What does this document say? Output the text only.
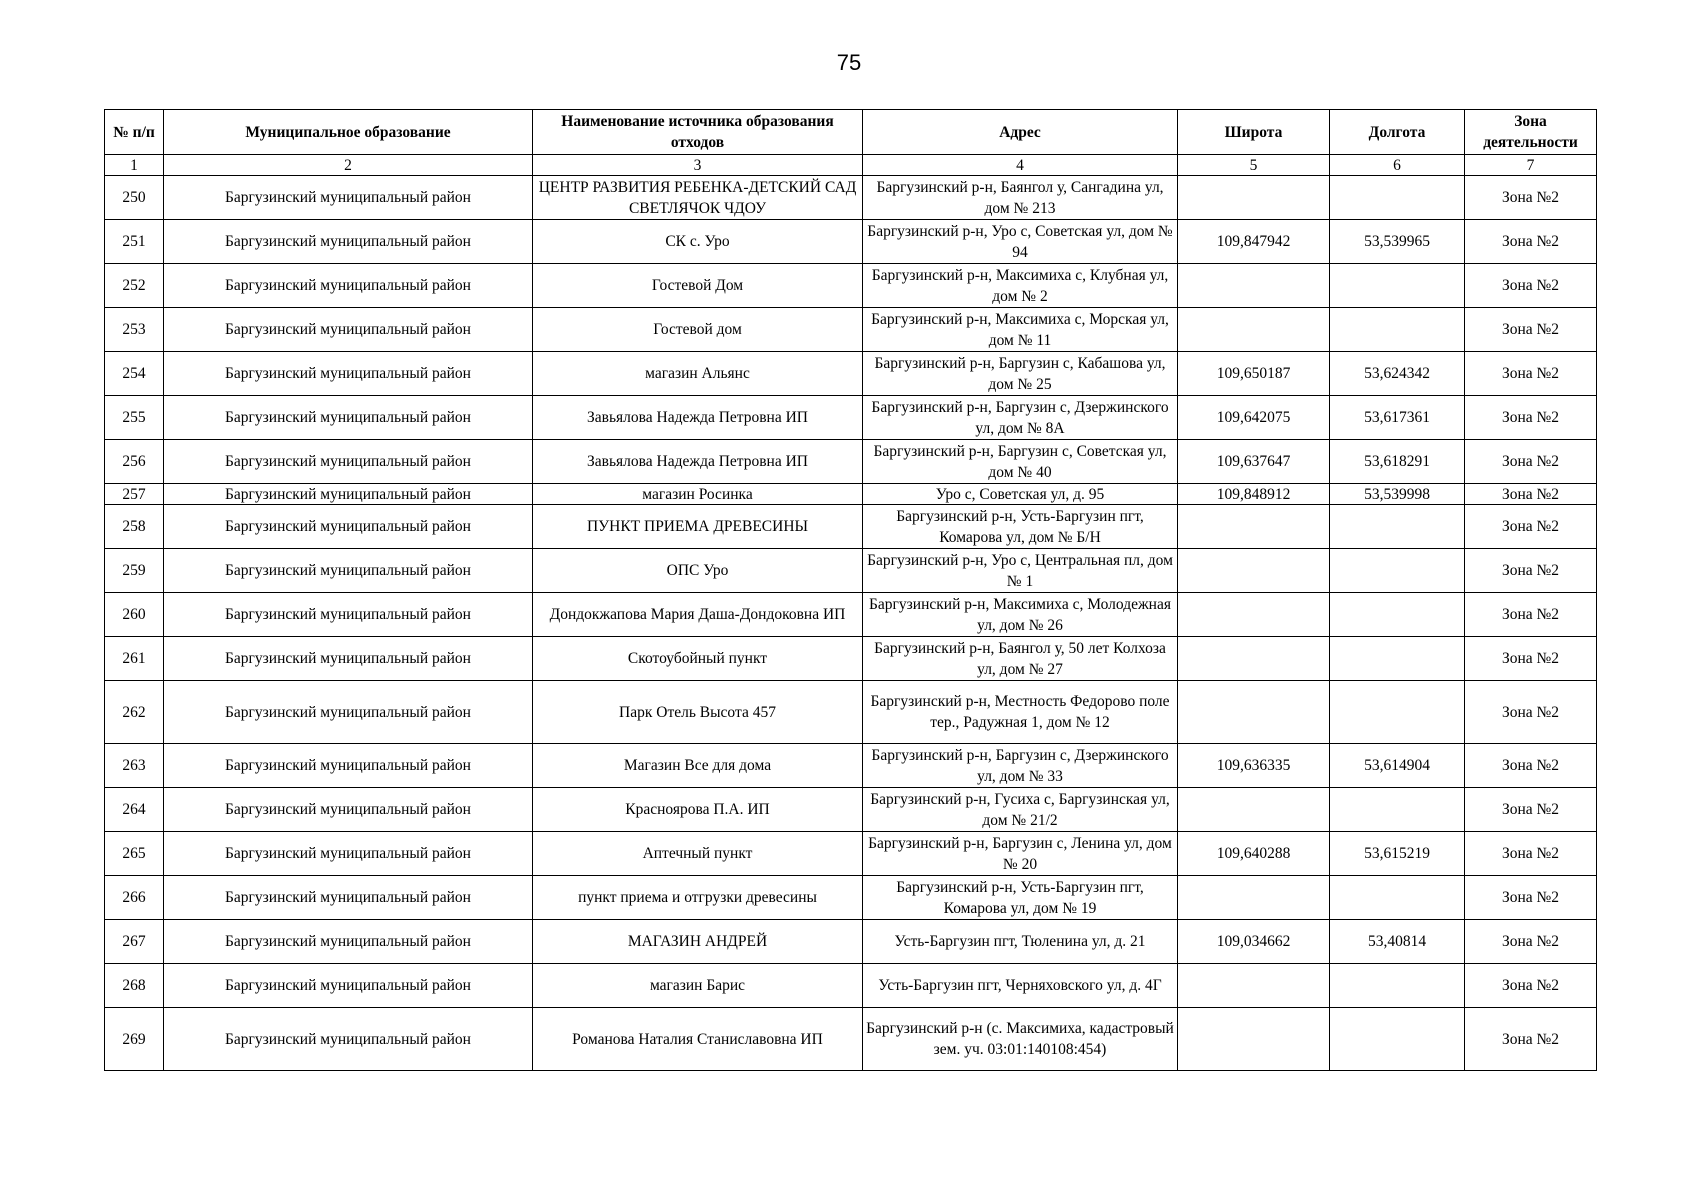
75
№ п/п	Муниципальное образование	Наименование источника образования отходов	Адрес	Широта	Долгота	Зона деятельности
1	2	3	4	5	6	7
250	Баргузинский муниципальный район	ЦЕНТР РАЗВИТИЯ РЕБЕНКА-ДЕТСКИЙ САД СВЕТЛЯЧОК ЧДОУ	Баргузинский р-н, Баянгол у, Сангадина ул, дом № 213			Зона №2
251	Баргузинский муниципальный район	СК с. Уро	Баргузинский р-н, Уро с, Советская ул, дом № 94	109,847942	53,539965	Зона №2
252	Баргузинский муниципальный район	Гостевой Дом	Баргузинский р-н, Максимиха с, Клубная ул, дом № 2			Зона №2
253	Баргузинский муниципальный район	Гостевой дом	Баргузинский р-н, Максимиха с, Морская ул, дом № 11			Зона №2
254	Баргузинский муниципальный район	магазин Альянс	Баргузинский р-н, Баргузин с, Кабашова ул, дом № 25	109,650187	53,624342	Зона №2
255	Баргузинский муниципальный район	Завьялова Надежда Петровна ИП	Баргузинский р-н, Баргузин с, Дзержинского ул, дом № 8А	109,642075	53,617361	Зона №2
256	Баргузинский муниципальный район	Завьялова Надежда Петровна ИП	Баргузинский р-н, Баргузин с, Советская ул, дом № 40	109,637647	53,618291	Зона №2
257	Баргузинский муниципальный район	магазин Росинка	Уро с, Советская ул, д. 95	109,848912	53,539998	Зона №2
258	Баргузинский муниципальный район	ПУНКТ ПРИЕМА ДРЕВЕСИНЫ	Баргузинский р-н, Усть-Баргузин пгт, Комарова ул, дом № Б/Н			Зона №2
259	Баргузинский муниципальный район	ОПС Уро	Баргузинский р-н, Уро с, Центральная пл, дом № 1			Зона №2
260	Баргузинский муниципальный район	Дондокжапова Мария Даша-Дондоковна ИП	Баргузинский р-н, Максимиха с, Молодежная ул, дом № 26			Зона №2
261	Баргузинский муниципальный район	Скотоубойный пункт	Баргузинский р-н, Баянгол у, 50 лет Колхоза ул, дом № 27			Зона №2
262	Баргузинский муниципальный район	Парк Отель Высота 457	Баргузинский р-н, Местность Федорово поле тер., Радужная 1, дом № 12			Зона №2
263	Баргузинский муниципальный район	Магазин Все для дома	Баргузинский р-н, Баргузин с, Дзержинского ул, дом № 33	109,636335	53,614904	Зона №2
264	Баргузинский муниципальный район	Красноярова П.А. ИП	Баргузинский р-н, Гусиха с, Баргузинская ул, дом № 21/2			Зона №2
265	Баргузинский муниципальный район	Аптечный пункт	Баргузинский р-н, Баргузин с, Ленина ул, дом № 20	109,640288	53,615219	Зона №2
266	Баргузинский муниципальный район	пункт приема и отгрузки древесины	Баргузинский р-н, Усть-Баргузин пгт, Комарова ул, дом № 19			Зона №2
267	Баргузинский муниципальный район	МАГАЗИН АНДРЕЙ	Усть-Баргузин пгт, Тюленина ул, д. 21	109,034662	53,40814	Зона №2
268	Баргузинский муниципальный район	магазин Барис	Усть-Баргузин пгт, Черняховского ул, д. 4Г			Зона №2
269	Баргузинский муниципальный район	Романова Наталия Станиславовна ИП	Баргузинский р-н (с. Максимиха, кадастровый зем. уч. 03:01:140108:454)			Зона №2
